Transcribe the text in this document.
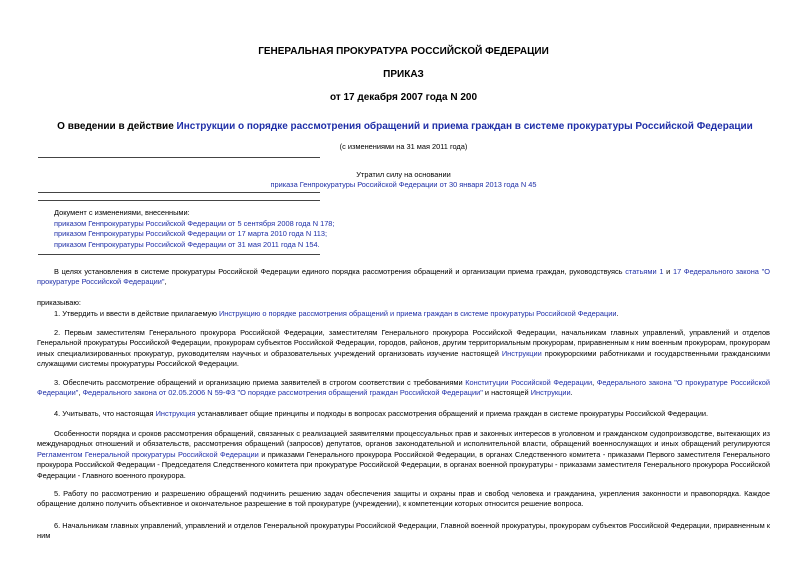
ГЕНЕРАЛЬНАЯ ПРОКУРАТУРА РОССИЙСКОЙ ФЕДЕРАЦИИ
ПРИКАЗ
от 17 декабря 2007 года N 200
О введении в действие Инструкции о порядке рассмотрения обращений и приема граждан в системе прокуратуры Российской Федерации
(с изменениями на 31 мая 2011 года)
Утратил силу на основании
приказа Генпрокуратуры Российской Федерации от 30 января 2013 года N 45
Документ с изменениями, внесенными:
приказом Генпрокуратуры Российской Федерации от 5 сентября 2008 года N 178;
приказом Генпрокуратуры Российской Федерации от 17 марта 2010 года N 113;
приказом Генпрокуратуры Российской Федерации от 31 мая 2011 года N 154.
В целях установления в системе прокуратуры Российской Федерации единого порядка рассмотрения обращений и организации приема граждан, руководствуясь статьями 1 и 17 Федерального закона "О прокуратуре Российской Федерации",
приказываю:
1. Утвердить и ввести в действие прилагаемую Инструкцию о порядке рассмотрения обращений и приема граждан в системе прокуратуры Российской Федерации.
2. Первым заместителям Генерального прокурора Российской Федерации, заместителям Генерального прокурора Российской Федерации, начальникам главных управлений, управлений и отделов Генеральной прокуратуры Российской Федерации, прокурорам субъектов Российской Федерации, городов, районов, другим территориальным прокурорам, приравненным к ним военным прокурорам, прокурорам иных специализированных прокуратур, руководителям научных и образовательных учреждений организовать изучение настоящей Инструкции прокурорскими работниками и государственными гражданскими служащими системы прокуратуры Российской Федерации.
3. Обеспечить рассмотрение обращений и организацию приема заявителей в строгом соответствии с требованиями Конституции Российской Федерации, Федерального закона "О прокуратуре Российской Федерации", Федерального закона от 02.05.2006 N 59-ФЗ "О порядке рассмотрения обращений граждан Российской Федерации" и настоящей Инструкции.
4. Учитывать, что настоящая Инструкция устанавливает общие принципы и подходы в вопросах рассмотрения обращений и приема граждан в системе прокуратуры Российской Федерации.
Особенности порядка и сроков рассмотрения обращений, связанных с реализацией заявителями процессуальных прав и законных интересов в уголовном и гражданском судопроизводстве, вытекающих из международных отношений и обязательств, рассмотрения обращений (запросов) депутатов, органов законодательной и исполнительной власти, обращений военнослужащих и иных обращений регулируются Регламентом Генеральной прокуратуры Российской Федерации и приказами Генерального прокурора Российской Федерации, в органах Следственного комитета - приказами Первого заместителя Генерального прокурора Российской Федерации - Председателя Следственного комитета при прокуратуре Российской Федерации, в органах военной прокуратуры - приказами заместителя Генерального прокурора Российской Федерации - Главного военного прокурора.
5. Работу по рассмотрению и разрешению обращений подчинить решению задач обеспечения защиты и охраны прав и свобод человека и гражданина, укрепления законности и правопорядка. Каждое обращение должно получить объективное и окончательное разрешение в той прокуратуре (учреждении), к компетенции которых относится решение вопроса.
6. Начальникам главных управлений, управлений и отделов Генеральной прокуратуры Российской Федерации, Главной военной прокуратуры, прокурорам субъектов Российской Федерации, приравненным к ним
